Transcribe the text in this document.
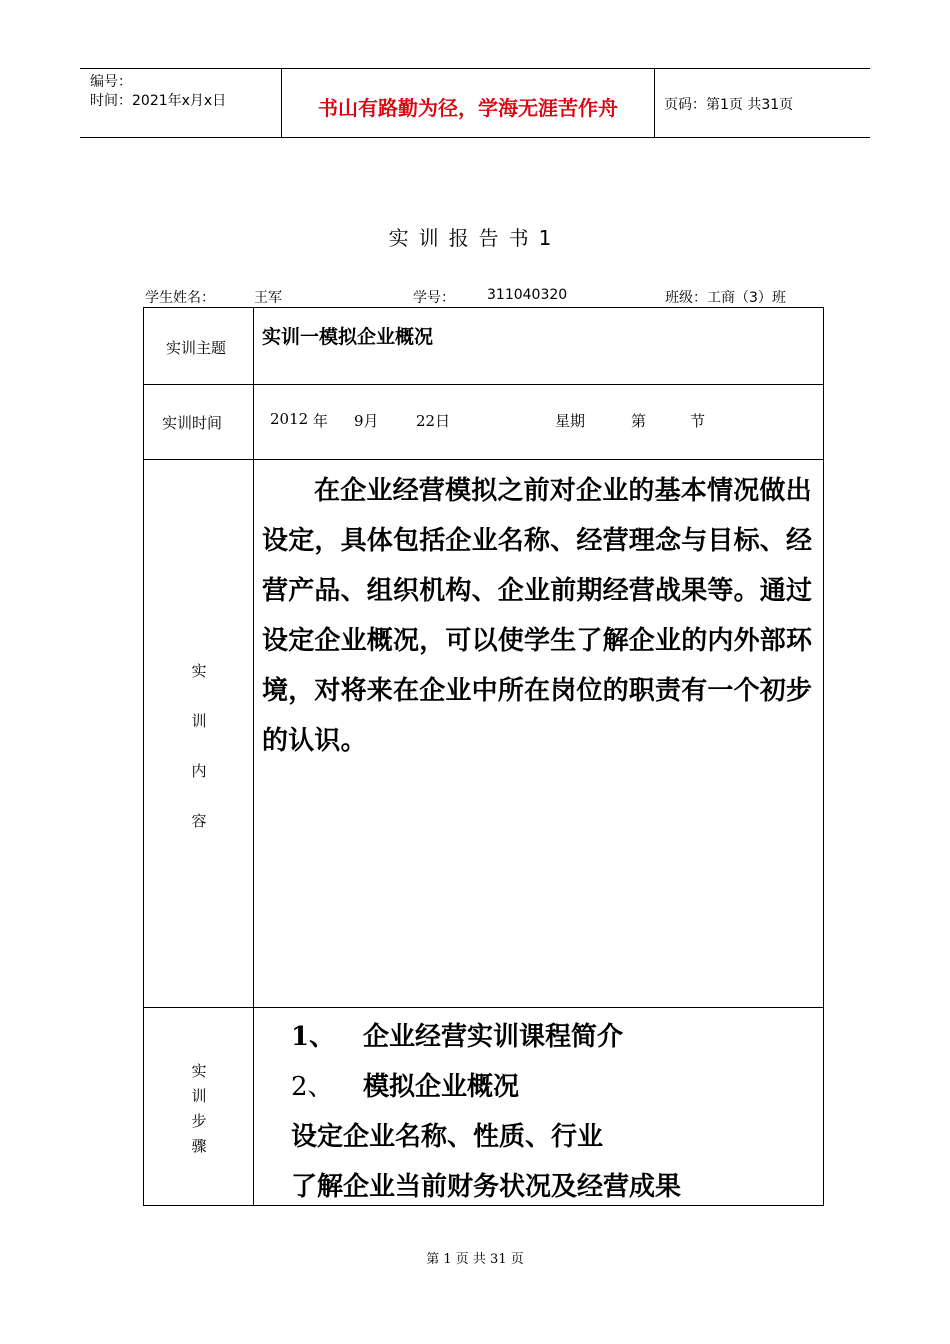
编号：
时间：2021年x月x日	书山有路勤为径，学海无涯苦作舟	页码：第1页 共31页
实训报告书1
学生姓名：	王军	学号： 311040320	班级：工商（3）班
实训主题 实训一模拟企业概况
实训时间	2012 年 9月 22日	星期	第	节
实
训
内
容
在企业经营模拟之前对企业的基本情况做出设定，具体包括企业名称、经营理念与目标、经营产品、组织机构、企业前期经营战果等。通过设定企业概况，可以使学生了解企业的内外部环境，对将来在企业中所在岗位的职责有一个初步的认识。
实
训
步
骤
1、 企业经营实训课程简介
2、 模拟企业概况
设定企业名称、性质、行业
了解企业当前财务状况及经营成果
第 1 页 共 31 页
